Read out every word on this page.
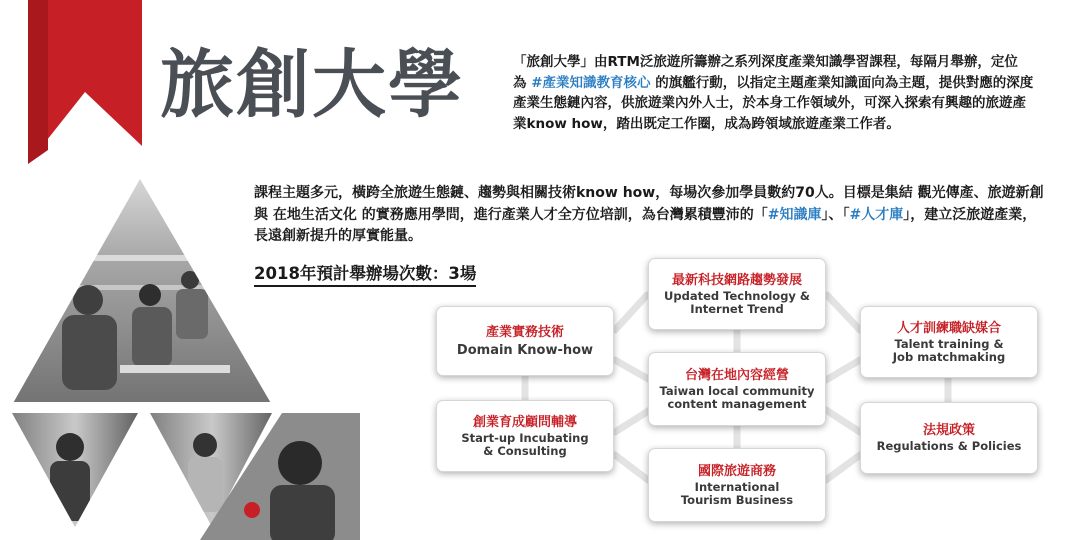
旅創大學	「旅創大學」由RTM泛旅遊所籌辦之系列深度產業知識學習課程，每隔月舉辦，定位為 #產業知識教育核心 的旗艦行動，以指定主題產業知識面向為主題，提供對應的深度產業生態鏈內容，供旅遊業內外人士，於本身工作領域外，可深入探索有興趣的旅遊產業know how，踏出既定工作圈，成為跨領域旅遊產業工作者。
課程主題多元，橫跨全旅遊生態鏈、趨勢與相關技術know how，每場次參加學員數約70人。目標是集結 觀光傳產、旅遊新創 與 在地生活文化 的實務應用學問，進行產業人才全方位培訓，為台灣累積豐沛的「#知識庫」、「#人才庫」，建立泛旅遊產業，長遠創新提升的厚實能量。
2018年預計舉辦場次數：3場	最新科技網路趨勢發展
Updated Technology &
Internet Trend
產業實務技術
Domain Know-how
人才訓練職缺媒合
Talent training &
Job matchmaking
台灣在地內容經營
Taiwan local community
content management
創業育成顧問輔導
Start-up Incubating
& Consulting
法規政策
Regulations & Policies
國際旅遊商務
International
Tourism Business
